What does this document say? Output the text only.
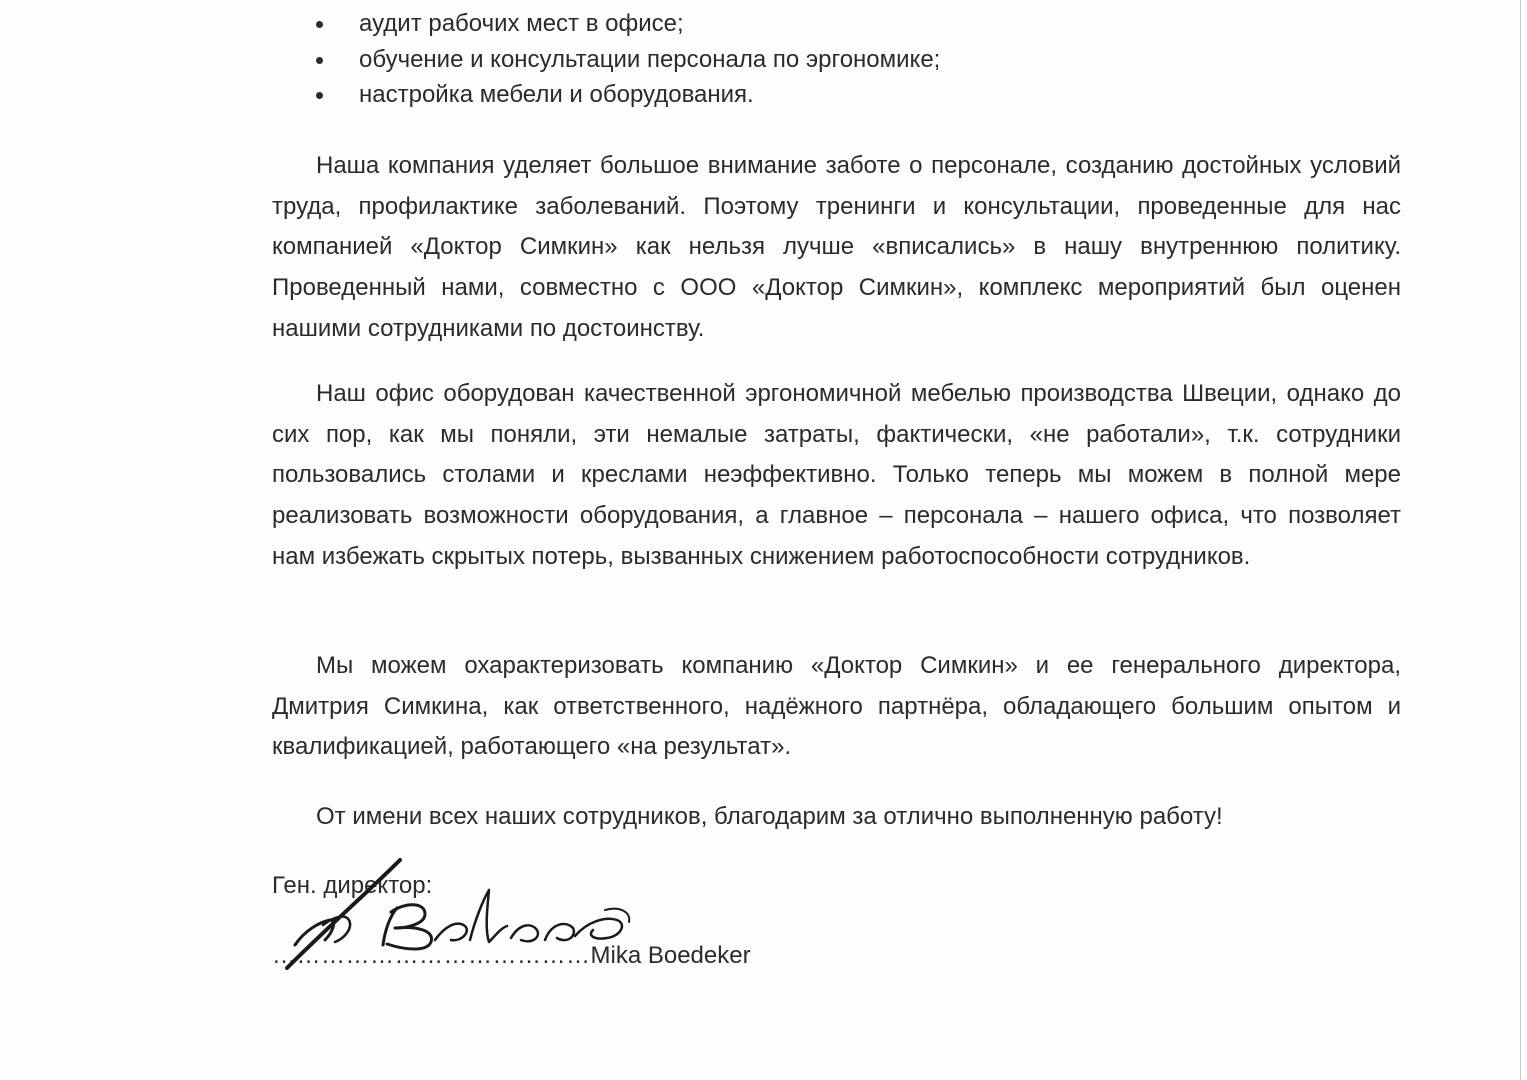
аудит рабочих мест в офисе;
обучение и консультации персонала по эргономике;
настройка мебели и оборудования.

Наша компания уделяет большое внимание заботе о персонале, созданию достойных условий труда, профилактике заболеваний. Поэтому тренинги и консультации, проведенные для нас компанией «Доктор Симкин» как нельзя лучше «вписались» в нашу внутреннюю политику. Проведенный нами, совместно с ООО «Доктор Симкин», комплекс мероприятий был оценен нашими сотрудниками по достоинству.

Наш офис оборудован качественной эргономичной мебелью производства Швеции, однако до сих пор, как мы поняли, эти немалые затраты, фактически, «не работали», т.к. сотрудники пользовались столами и креслами неэффективно. Только теперь мы можем в полной мере реализовать возможности оборудования, а главное – персонала – нашего офиса, что позволяет нам избежать скрытых потерь, вызванных снижением работоспособности сотрудников.

Мы можем охарактеризовать компанию «Доктор Симкин» и ее генерального директора, Дмитрия Симкина, как ответственного, надёжного партнёра, обладающего большим опытом и квалификацией, работающего «на результат».

От имени всех наших сотрудников, благодарим за отлично выполненную работу!

Ген. директор:
…………………………………Mika Boedeker
